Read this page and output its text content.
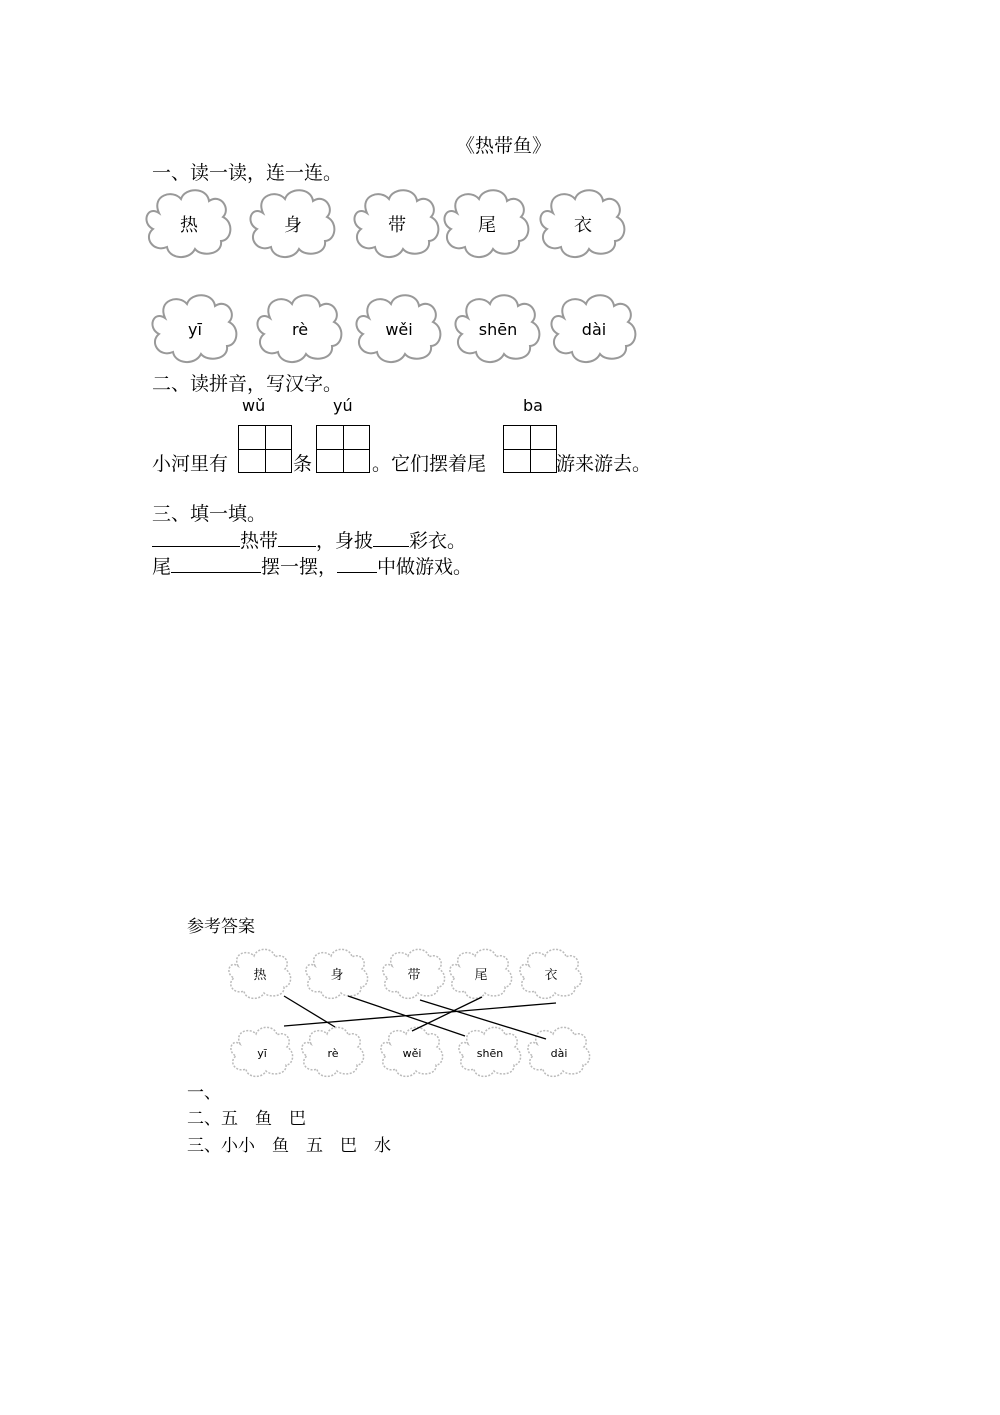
《热带鱼》
一、读一读，连一连。
热	身	带	尾	衣
yī	rè	wěi	shēn	dài
热	身	带	尾	衣
yī	rè	wěi	shēn	dài
二、读拼音，写汉字。
wǔ	yú	ba
小河里有	条	。它们摆着尾	游来游去。
三、填一填。
热带 ，身披 彩衣。
尾	摆一摆， 中做游戏。
参考答案
一、
二、五　鱼　巴
三、小小　鱼　五　巴　水
